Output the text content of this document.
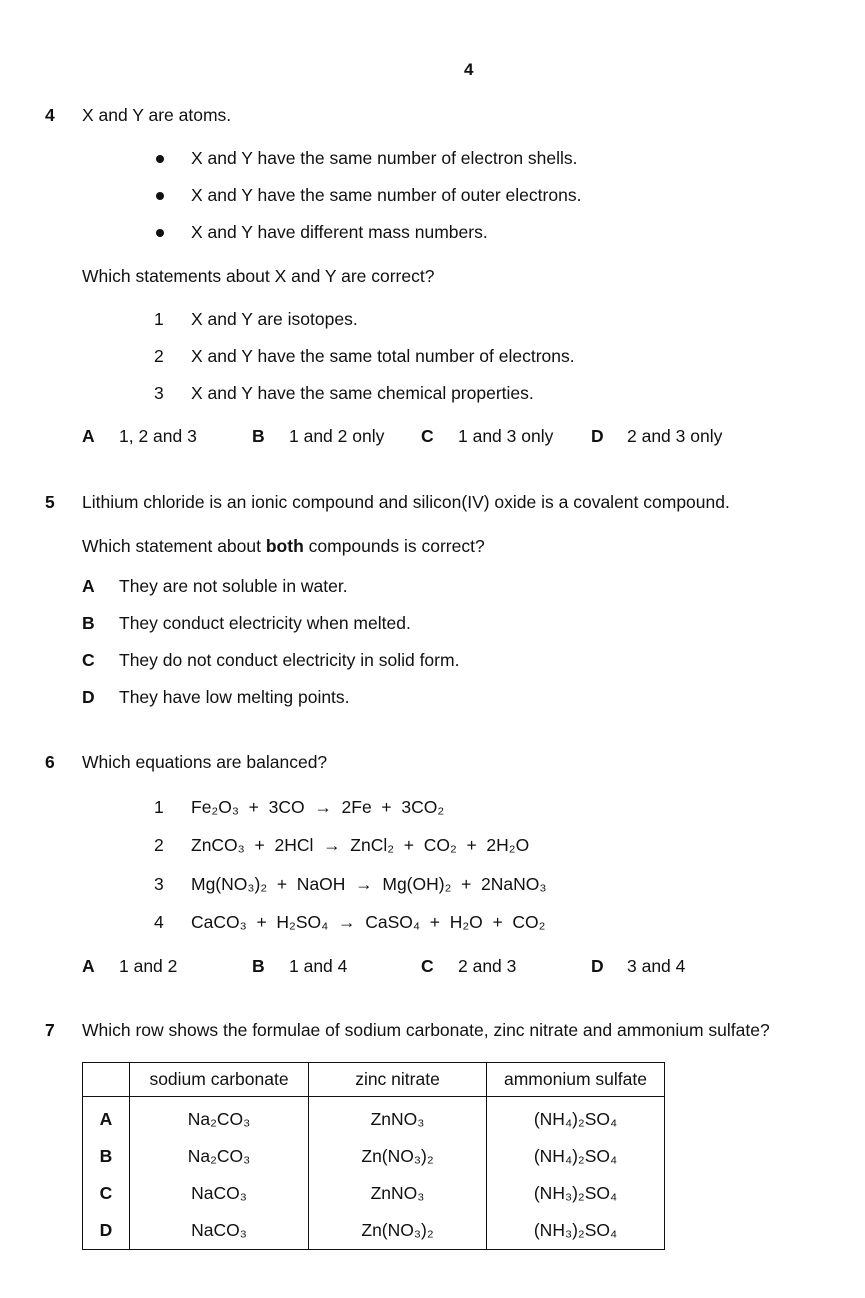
4
4 X and Y are atoms.
X and Y have the same number of electron shells.
X and Y have the same number of outer electrons.
X and Y have different mass numbers.
Which statements about X and Y are correct?
1 X and Y are isotopes.
2 X and Y have the same total number of electrons.
3 X and Y have the same chemical properties.
A 1, 2 and 3	B 1 and 2 only C 1 and 3 only D 2 and 3 only
5 Lithium chloride is an ionic compound and silicon(IV) oxide is a covalent compound.
Which statement about both compounds is correct?
A They are not soluble in water.
B They conduct electricity when melted.
C They do not conduct electricity in solid form.
D They have low melting points.
6 Which equations are balanced?
1 Fe₂O₃  +  3CO  →  2Fe  +  3CO₂
2 ZnCO₃  +  2HCl  →  ZnCl₂  +  CO₂  +  2H₂O
3 Mg(NO₃)₂  +  NaOH  →  Mg(OH)₂  +  2NaNO₃
4 CaCO₃  +  H₂SO₄  →  CaSO₄  +  H₂O  +  CO₂
A 1 and 2	B 1 and 4	C 2 and 3	D 3 and 4
7 Which row shows the formulae of sodium carbonate, zinc nitrate and ammonium sulfate?
	sodium carbonate	zinc nitrate	ammonium sulfate
A	Na₂CO₃	ZnNO₃	(NH₄)₂SO₄
B	Na₂CO₃	Zn(NO₃)₂	(NH₄)₂SO₄
C	NaCO₃	ZnNO₃	(NH₃)₂SO₄
D	NaCO₃	Zn(NO₃)₂	(NH₃)₂SO₄
